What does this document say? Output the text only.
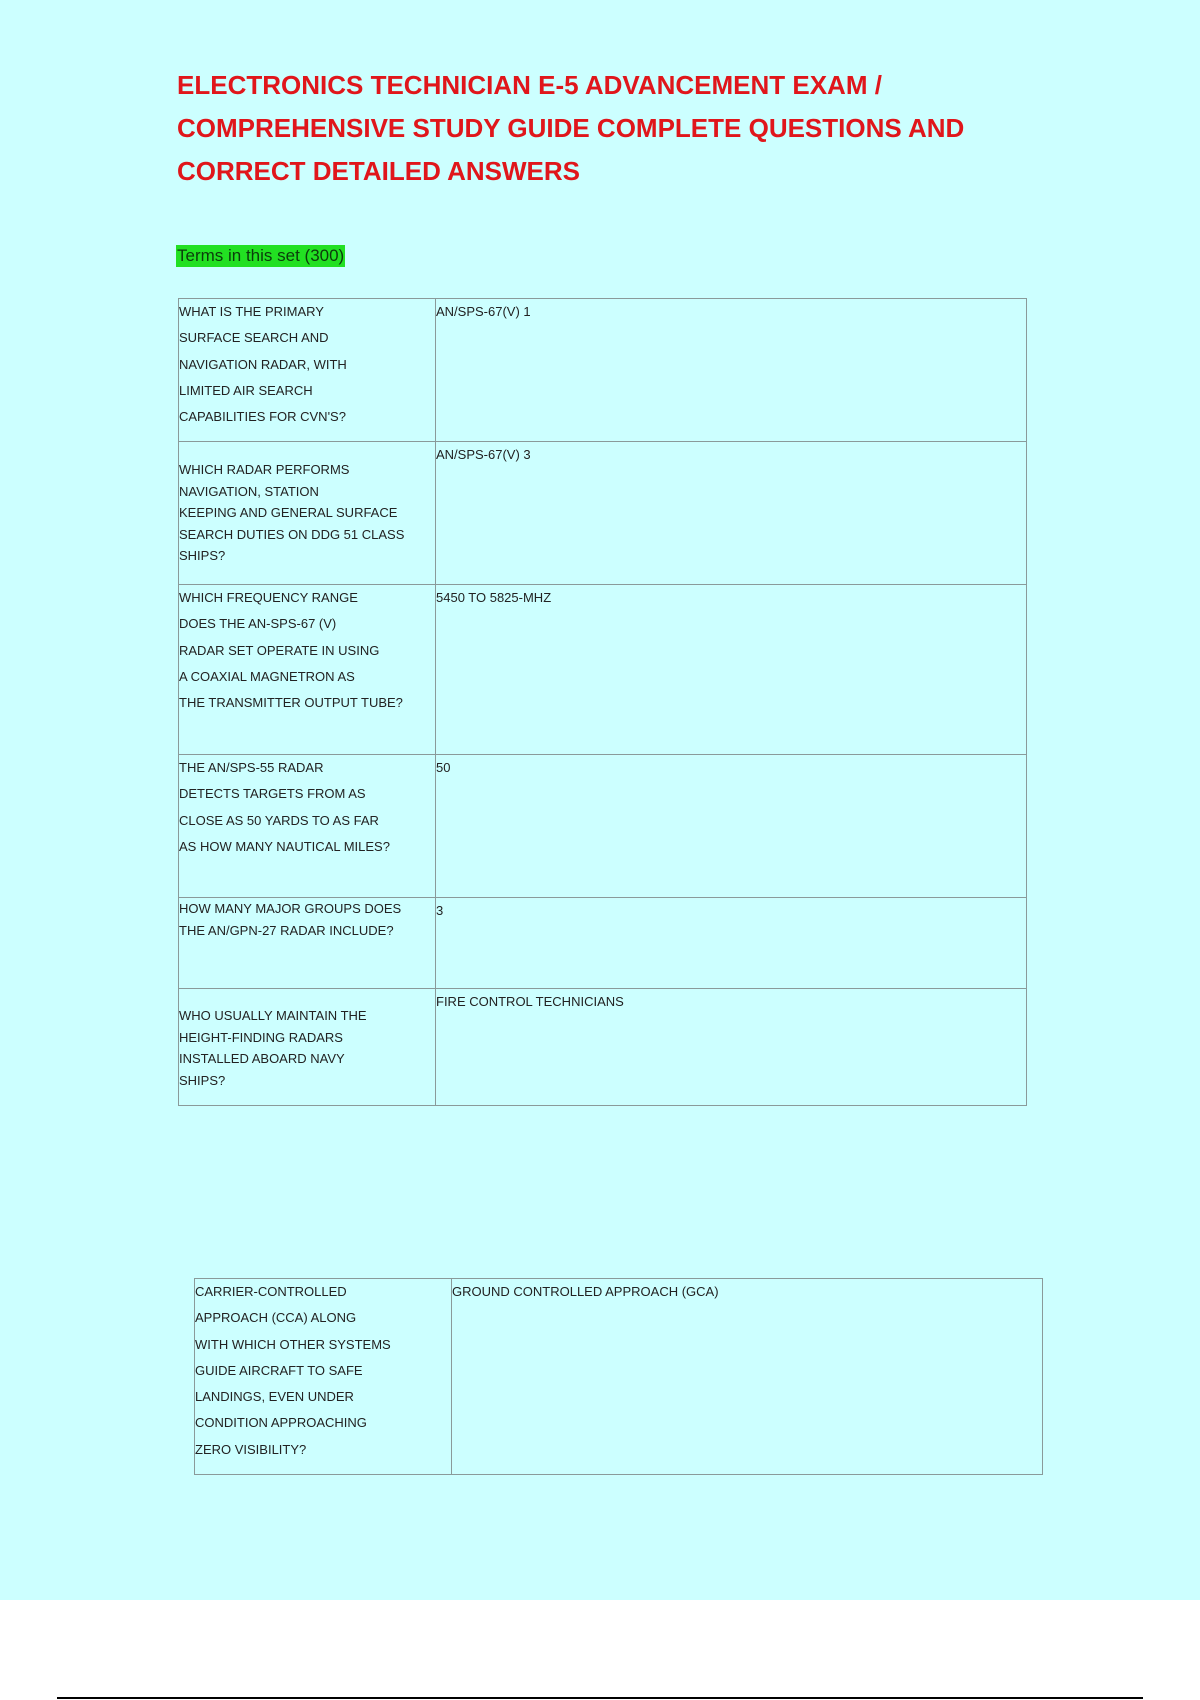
ELECTRONICS TECHNICIAN E-5 ADVANCEMENT EXAM /
COMPREHENSIVE STUDY GUIDE COMPLETE QUESTIONS AND
CORRECT DETAILED ANSWERS
Terms in this set (300)
WHAT IS THE PRIMARY
SURFACE SEARCH AND
NAVIGATION RADAR, WITH
LIMITED AIR SEARCH
CAPABILITIES FOR CVN'S?	AN/SPS-67(V) 1
WHICH RADAR PERFORMS
NAVIGATION, STATION
KEEPING AND GENERAL SURFACE
SEARCH DUTIES ON DDG 51 CLASS
SHIPS?	AN/SPS-67(V) 3
WHICH FREQUENCY RANGE
DOES THE AN-SPS-67 (V)
RADAR SET OPERATE IN USING
A COAXIAL MAGNETRON AS
THE TRANSMITTER OUTPUT TUBE?	5450 TO 5825-MHZ
THE AN/SPS-55 RADAR
DETECTS TARGETS FROM AS
CLOSE AS 50 YARDS TO AS FAR
AS HOW MANY NAUTICAL MILES?	50
HOW MANY MAJOR GROUPS DOES
THE AN/GPN-27 RADAR INCLUDE?	3
WHO USUALLY MAINTAIN THE
HEIGHT-FINDING RADARS
INSTALLED ABOARD NAVY
SHIPS?	FIRE CONTROL TECHNICIANS
CARRIER-CONTROLLED
APPROACH (CCA) ALONG
WITH WHICH OTHER SYSTEMS
GUIDE AIRCRAFT TO SAFE
LANDINGS, EVEN UNDER
CONDITION APPROACHING
ZERO VISIBILITY?	GROUND CONTROLLED APPROACH (GCA)
